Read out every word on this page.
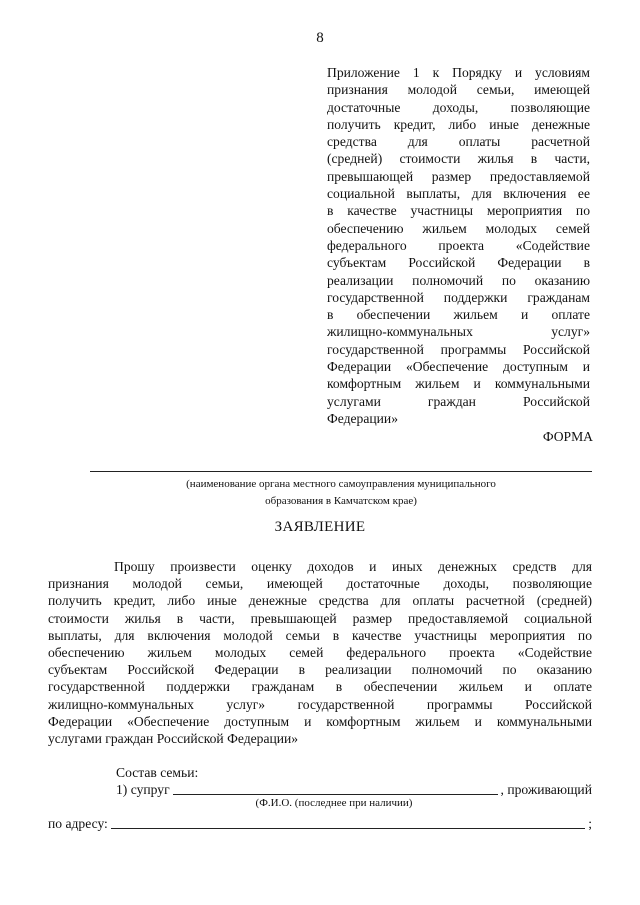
8
Приложение 1 к Порядку и условиям
признания молодой семьи, имеющей
достаточные доходы, позволяющие
получить кредит, либо иные денежные
средства для оплаты расчетной
(средней) стоимости жилья в части,
превышающей размер предоставляемой
социальной выплаты, для включения ее
в качестве участницы мероприятия по
обеспечению жильем молодых семей
федерального проекта «Содействие
субъектам Российской Федерации в
реализации полномочий по оказанию
государственной поддержки гражданам
в обеспечении жильем и оплате
жилищно-коммунальных услуг»
государственной программы Российской
Федерации «Обеспечение доступным и
комфортным жильем и коммунальными
услугами граждан Российской
Федерации»
ФОРМА
(наименование органа местного самоуправления муниципального
образования в Камчатском крае)
ЗАЯВЛЕНИЕ
Прошу произвести оценку доходов и иных денежных средств для
признания молодой семьи, имеющей достаточные доходы, позволяющие
получить кредит, либо иные денежные средства для оплаты расчетной (средней)
стоимости жилья в части, превышающей размер предоставляемой социальной
выплаты, для включения молодой семьи в качестве участницы мероприятия по
обеспечению жильем молодых семей федерального проекта «Содействие
субъектам Российской Федерации в реализации полномочий по оказанию
государственной поддержки гражданам в обеспечении жильем и оплате
жилищно-коммунальных услуг» государственной программы Российской
Федерации «Обеспечение доступным и комфортным жильем и коммунальными
услугами граждан Российской Федерации»
Состав семьи:
1) супруг	, проживающий
(Ф.И.О. (последнее при наличии)
по адресу:	;
